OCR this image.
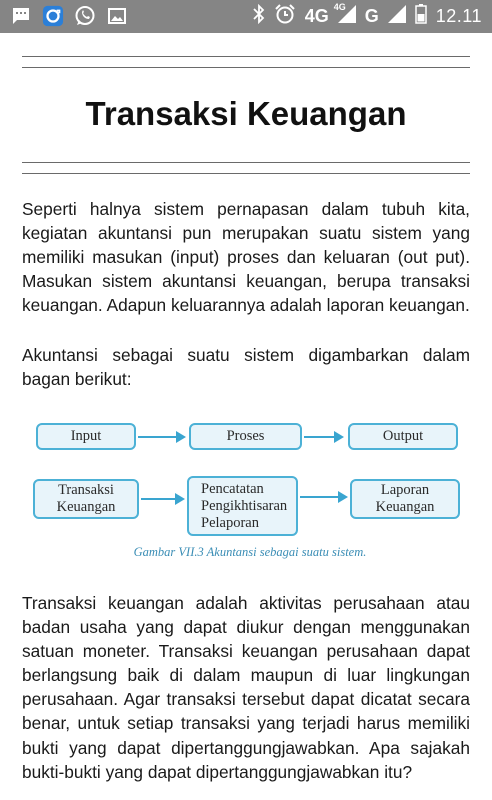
4G 4G G	12.11
Transaksi Keuangan
Seperti halnya sistem pernapasan dalam tubuh kita, kegiatan akuntansi pun merupakan suatu sistem yang memiliki masukan (input) proses dan keluaran (out put). Masukan sistem akuntansi keuangan, berupa transaksi keuangan. Adapun keluarannya adalah laporan keuangan.
Akuntansi sebagai suatu sistem digambarkan dalam bagan berikut:
Input	Proses	Output
Transaksi
Keuangan
Pencatatan
Pengikhtisaran
Pelaporan
Laporan
Keuangan
Gambar VII.3 Akuntansi sebagai suatu sistem.
Transaksi keuangan adalah aktivitas perusahaan atau badan usaha yang dapat diukur dengan menggunakan satuan moneter. Transaksi keuangan perusahaan dapat berlangsung baik di dalam maupun di luar lingkungan perusahaan. Agar transaksi tersebut dapat dicatat secara benar, untuk setiap transaksi yang terjadi harus memiliki bukti yang dapat dipertanggungjawabkan. Apa sajakah bukti-bukti yang dapat dipertanggungjawabkan itu?
